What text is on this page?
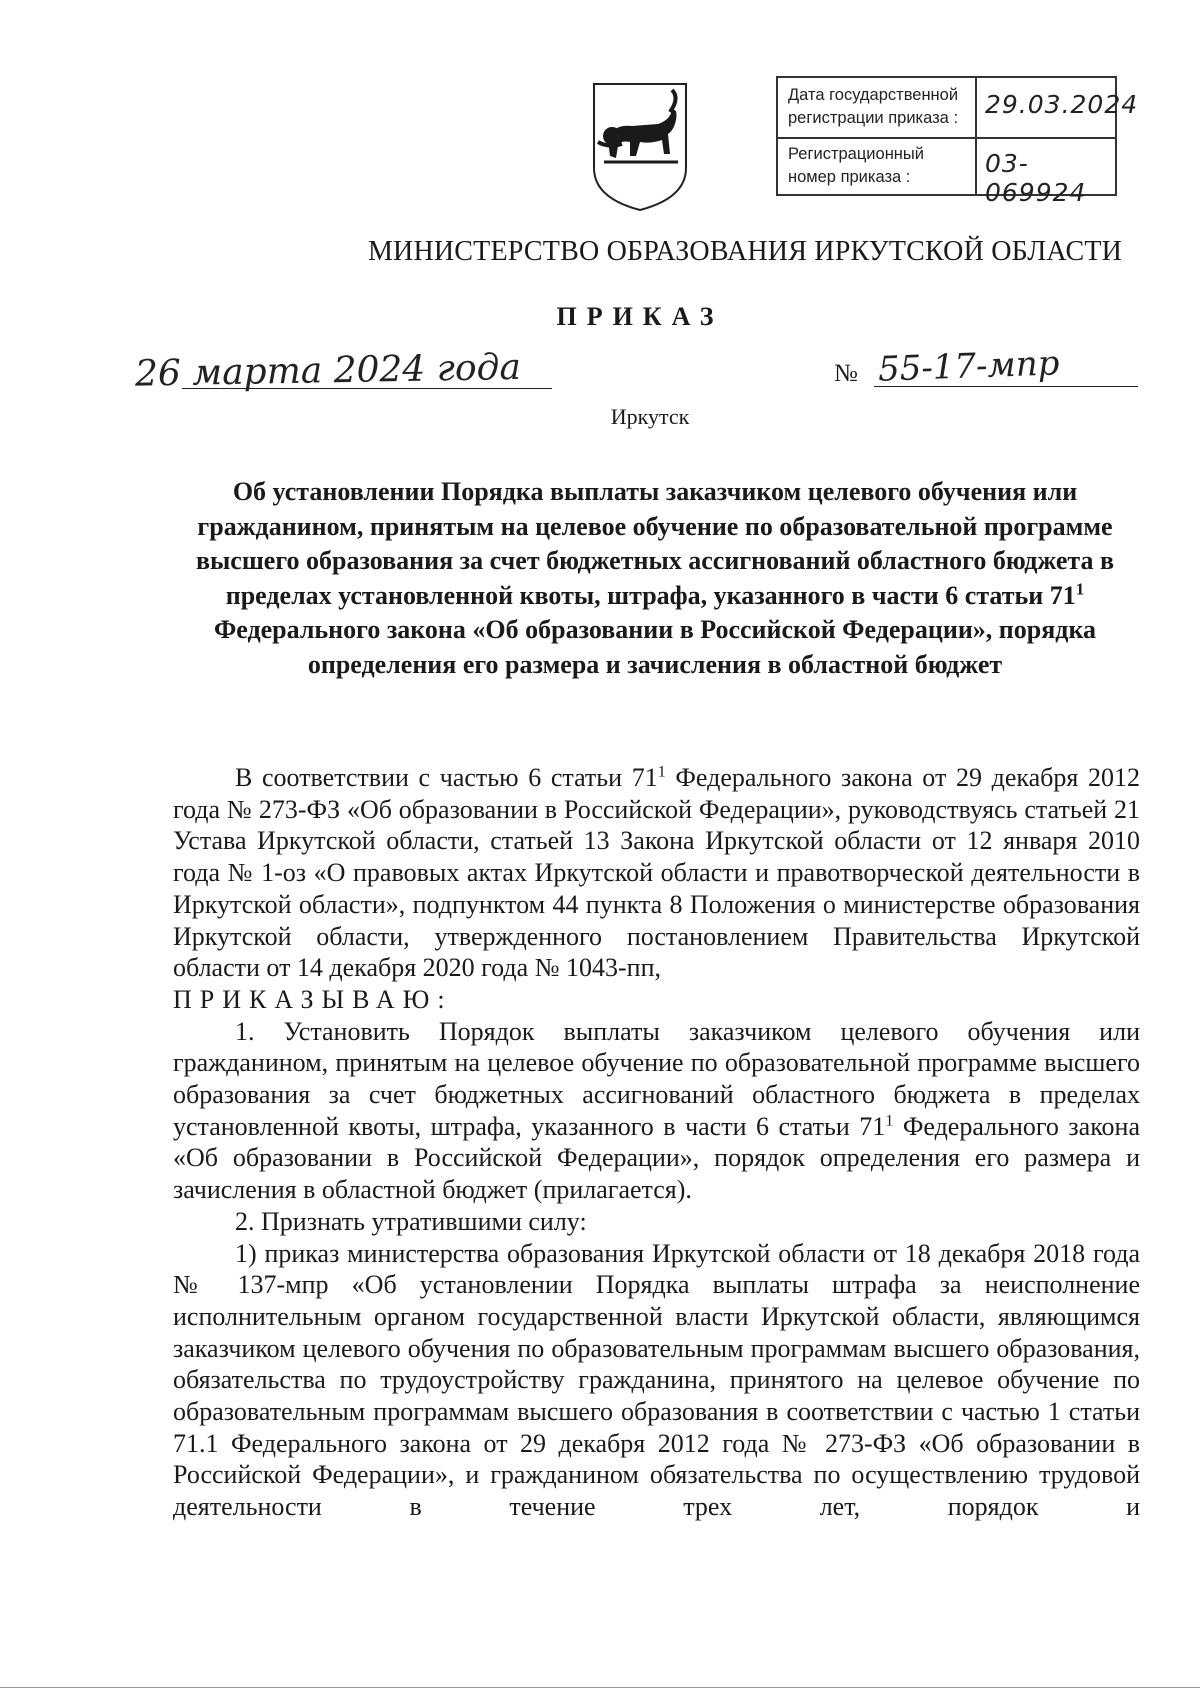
Дата государственной регистрации приказа :	29.03.2024
Регистрационный номер приказа :	03-069924
МИНИСТЕРСТВО ОБРАЗОВАНИЯ ИРКУТСКОЙ ОБЛАСТИ
ПРИКАЗ
26 марта 2024 года	№ 55-17-мпр
Иркутск
Об установлении Порядка выплаты заказчиком целевого обучения или гражданином, принятым на целевое обучение по образовательной программе высшего образования за счет бюджетных ассигнований областного бюджета в пределах установленной квоты, штрафа, указанного в части 6 статьи $71^1$ Федерального закона «Об образовании в Российской Федерации», порядка определения его размера и зачисления в областной бюджет

В соответствии с частью 6 статьи $71^1$ Федерального закона от 29 декабря 2012 года № 273-ФЗ «Об образовании в Российской Федерации», руководствуясь статьей 21 Устава Иркутской области, статьей 13 Закона Иркутской области от 12 января 2010 года № 1-оз «О правовых актах Иркутской области и правотворческой деятельности в Иркутской области», подпунктом 44 пункта 8 Положения о министерстве образования Иркутской области, утвержденного постановлением Правительства Иркутской области от 14 декабря 2020 года № 1043-пп,

ПРИКАЗЫВАЮ:

1. Установить Порядок выплаты заказчиком целевого обучения или гражданином, принятым на целевое обучение по образовательной программе высшего образования за счет бюджетных ассигнований областного бюджета в пределах установленной квоты, штрафа, указанного в части 6 статьи $71^1$ Федерального закона «Об образовании в Российской Федерации», порядок определения его размера и зачисления в областной бюджет (прилагается).

2. Признать утратившими силу:

1) приказ министерства образования Иркутской области от 18 декабря 2018 года № 137-мпр «Об установлении Порядка выплаты штрафа за неисполнение исполнительным органом государственной власти Иркутской области, являющимся заказчиком целевого обучения по образовательным программам высшего образования, обязательства по трудоустройству гражданина, принятого на целевое обучение по образовательным программам высшего образования в соответствии с частью 1 статьи 71.1 Федерального закона от 29 декабря 2012 года № 273-ФЗ «Об образовании в Российской Федерации», и гражданином обязательства по осуществлению трудовой деятельности в течение трех лет, порядок и
